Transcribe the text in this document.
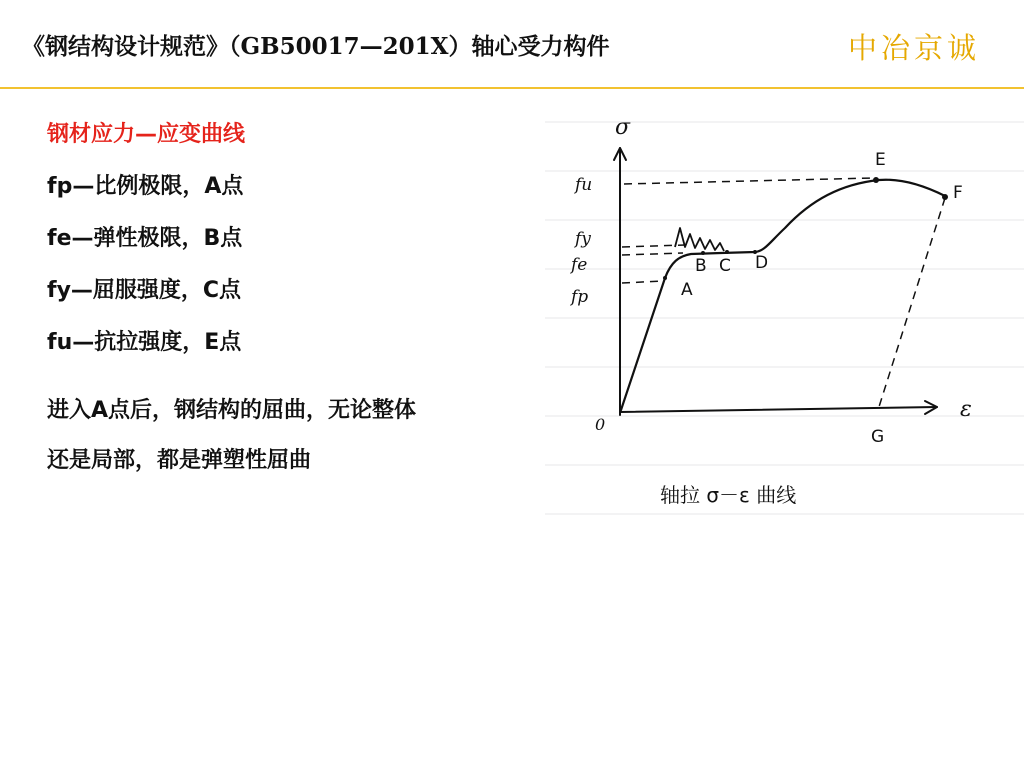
《钢结构设计规范》（GB50017—201X）轴心受力构件	中冶京诚
钢材应力—应变曲线
fp—比例极限，A点
fe—弹性极限，B点
fy—屈服强度，C点
fu—抗拉强度，E点
进入A点后，钢结构的屈曲，无论整体
还是局部，都是弹塑性屈曲
σ
ε
0
fu
fy
fe
fp	A
B C D
E
F
G
轴拉 σ－ε 曲线
